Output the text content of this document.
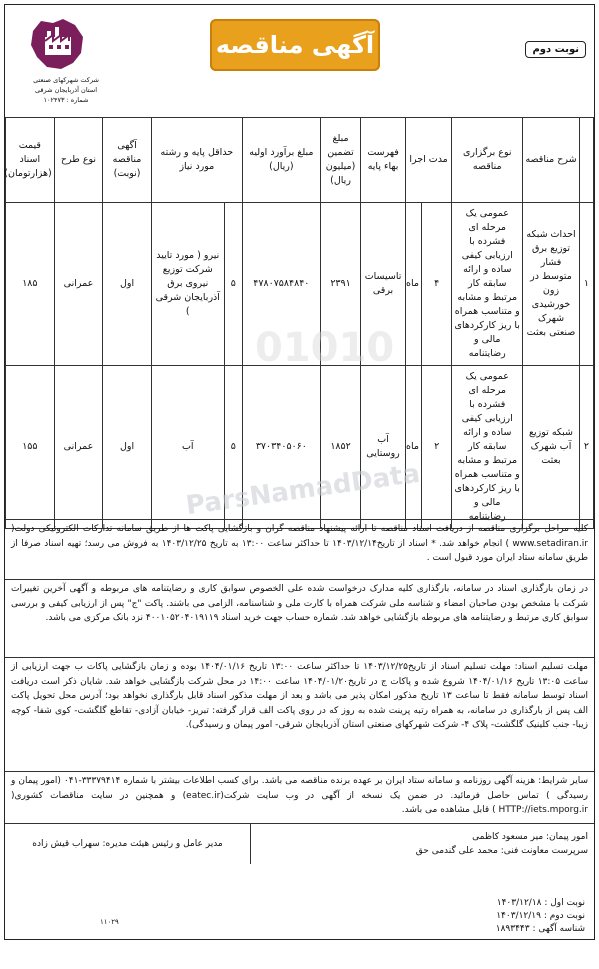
شرکت شهرکهای صنعتی
استان آذربایجان شرقی
شماره : ۱۰۲۴۷۳
آگهی مناقصه	نوبت دوم
	شرح مناقصه	نوع برگزاری مناقصه	مدت اجرا		فهرست بهاء پایه	مبلغ تضمین (میلیون ریال)	مبلغ برآورد اولیه (ریال)	حداقل پایه و رشته مورد نیاز		آگهی مناقصه (نوبت)	نوع طرح	قیمت اسناد (هزارتومان)
۱	احداث شبکه توزیع برق فشار متوسط در زون خورشیدی شهرک صنعتی بعثت	عمومی یک مرحله ای فشرده با ارزیابی کیفی ساده و ارائه سابقه کار مرتبط و مشابه و متناسب همراه با ریز کارکردهای مالی و رضایتنامه	۴	ماه	تاسیسات برقی	۲۳۹۱	۴۷۸۰۷۵۸۴۸۴۰	۵	نیرو ( مورد تایید شرکت توزیع نیروی برق آذربایجان شرقی )	اول	عمرانی	۱۸۵
۲	شبکه توزیع آب شهرک بعثت	عمومی یک مرحله ای فشرده با ارزیابی کیفی ساده و ارائه سابقه کار مرتبط و مشابه و متناسب همراه با ریز کارکردهای مالی و رضایتنامه	۲	ماه	آب روستایی	۱۸۵۲	۳۷۰۳۴۰۵۰۶۰	۵	آب	اول	عمرانی	۱۵۵
01010
ParsNamadData
کلیه مراحل برگزاری مناقصه از دریافت اسناد مناقصه تا ارائه پیشنهاد مناقصه گران و بازگشایی پاکت ها از طریق سامانه تدارکات الکترونیکی دولت( www.setadiran.ir ) انجام خواهد شد. * اسناد از تاریخ۱۴۰۳/۱۲/۱۴ تا حداکثر ساعت ۱۳:۰۰ به تاریخ ۱۴۰۳/۱۲/۲۵ به فروش می رسد؛ تهیه اسناد صرفا از طریق سامانه ستاد ایران مورد قبول است .
در زمان بارگذاری اسناد در سامانه، بارگذاری کلیه مدارک درخواست شده علی الخصوص سوابق کاری و رضایتنامه های مربوطه و آگهی آخرین تغییرات شرکت با مشخص بودن صاحبان امضاء و شناسه ملی شرکت همراه با کارت ملی و شناسنامه، الزامی می باشند. پاکت "ج" پس از ارزیابی کیفی و بررسی سوابق کاری مرتبط و رضایتنامه های مربوطه بازگشایی خواهد شد. شماره حساب جهت خرید اسناد ۴۰۰۱۰۵۲۰۴۰۱۹۱۱۹ نزد بانک مرکزی می باشد.
مهلت تسلیم اسناد: مهلت تسلیم اسناد از تاریخ۱۴۰۳/۱۲/۲۵ تا حداکثر ساعت ۱۳:۰۰ تاریخ ۱۴۰۴/۰۱/۱۶ بوده و زمان بازگشایی پاکات ب جهت ارزیابی از ساعت ۱۳:۰۵ تاریخ ۱۴۰۴/۰۱/۱۶ شروع شده و پاکات ج در تاریخ۱۴۰۴/۰۱/۲۰ ساعت ۱۴:۰۰ در محل شرکت بازگشایی خواهد شد. شایان ذکر است دریافت اسناد توسط سامانه فقط تا ساعت ۱۳ تاریخ مذکور امکان پذیر می باشد و بعد از مهلت مذکور اسناد قابل بارگذاری نخواهد بود؛ آدرس محل تحویل پاکت الف پس از بارگذاری در سامانه، به همراه رتبه پرینت شده به روز که در روی پاکت الف قرار گرفته: تبریز- خیابان آزادی- تقاطع گلگشت- کوی شفا- کوچه زیبا- جنب کلینیک گلگشت- پلاک ۴- شرکت شهرکهای صنعتی استان آذربایجان شرقی- امور پیمان و رسیدگی).
سایر شرایط: هزینه آگهی روزنامه و سامانه ستاد ایران بر عهده برنده مناقصه می باشد. برای کسب اطلاعات بیشتر با شماره ۳۳۳۷۹۴۱۴-۰۴۱ (امور پیمان و رسیدگی ) تماس حاصل فرمائید. در ضمن یک نسخه از آگهی در وب سایت شرکت(eatec.ir) و همچنین در سایت مناقصات کشوری( HTTP://iets.mporg.ir ) قابل مشاهده می باشد.
امور پیمان: میر مسعود کاظمی
سرپرست معاونت فنی: محمد علی گندمی حق
مدیر عامل و رئیس هیئت مدیره: سهراب قیش زاده
نوبت اول : ۱۴۰۳/۱۲/۱۸
نوبت دوم : ۱۴۰۳/۱۲/۱۹
شناسه آگهی : ۱۸۹۳۴۴۳
۱۱۰۲۹
